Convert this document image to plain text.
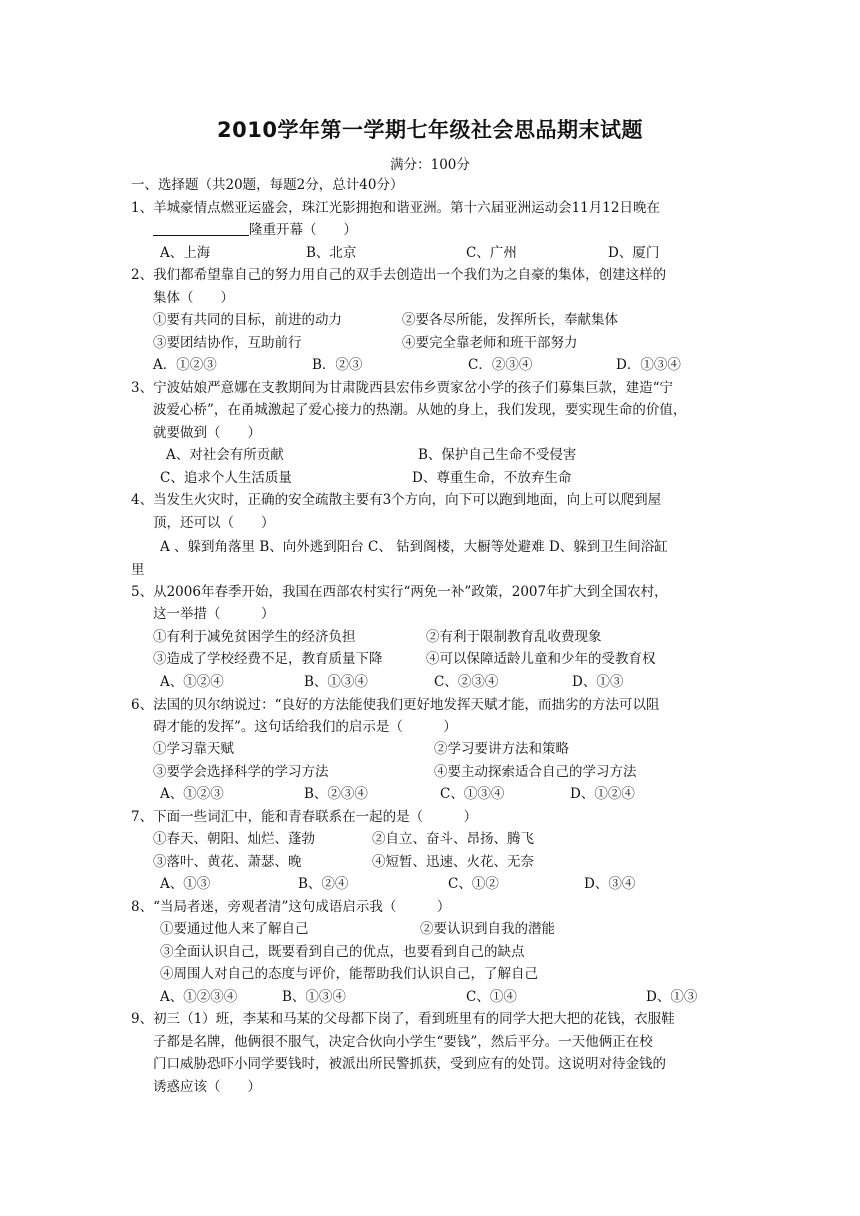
2010学年第一学期七年级社会思品期末试题
满分：100分
一、选择题（共20题，每题2分，总计40分）
1、羊城豪情点燃亚运盛会，珠江光影拥抱和谐亚洲。第十六届亚洲运动会11月12日晚在
隆重开幕（　　）
A、上海	B、北京	C、广州	D、厦门
2、我们都希望靠自己的努力用自己的双手去创造出一个我们为之自豪的集体，创建这样的
集体（　　）
①要有共同的目标，前进的动力	②要各尽所能，发挥所长，奉献集体
③要团结协作，互助前行	④要完全靠老师和班干部努力
A．①②③	B．②③	C．②③④	D．①③④
3、宁波姑娘严意娜在支教期间为甘肃陇西县宏伟乡贾家岔小学的孩子们募集巨款，建造“宁
波爱心桥”，在甬城激起了爱心接力的热潮。从她的身上，我们发现，要实现生命的价值，
就要做到（　　）
A、对社会有所贡献	B、保护自己生命不受侵害
C、追求个人生活质量	D、尊重生命，不放弃生命
4、当发生火灾时，正确的安全疏散主要有3个方向，向下可以跑到地面，向上可以爬到屋
顶，还可以（　　）
A 、躲到角落里 B、向外逃到阳台 C、 钻到阁楼，大橱等处避难 D、躲到卫生间浴缸
里
5、从2006年春季开始，我国在西部农村实行“两免一补”政策，2007年扩大到全国农村，
这一举措（　　　）
①有利于减免贫困学生的经济负担	②有利于限制教育乱收费现象
③造成了学校经费不足，教育质量下降	④可以保障适龄儿童和少年的受教育权
A、①②④	B、①③④	C、②③④	D、①③
6、法国的贝尔纳说过：“良好的方法能使我们更好地发挥天赋才能，而拙劣的方法可以阻
碍才能的发挥”。这句话给我们的启示是（　　　）
①学习靠天赋	②学习要讲方法和策略
③要学会选择科学的学习方法	④要主动探索适合自己的学习方法
A、①②③	B、②③④	C、①③④	D、①②④
7、下面一些词汇中，能和青春联系在一起的是（　　　）
①春天、朝阳、灿烂、蓬勃	②自立、奋斗、昂扬、腾飞
③落叶、黄花、萧瑟、晚	④短暂、迅速、火花、无奈
A、①③	B、②④	C、①②	D、③④
8、“当局者迷，旁观者清”这句成语启示我（　　　）
①要通过他人来了解自己	②要认识到自我的潜能
③全面认识自己，既要看到自己的优点，也要看到自己的缺点
④周围人对自己的态度与评价，能帮助我们认识自己，了解自己
A、①②③④	B、①③④	C、①④	D、①③
9、初三（1）班，李某和马某的父母都下岗了，看到班里有的同学大把大把的花钱，衣服鞋
子都是名牌，他俩很不服气，决定合伙向小学生“要钱”，然后平分。一天他俩正在校
门口威胁恐吓小同学要钱时，被派出所民警抓获，受到应有的处罚。这说明对待金钱的
诱惑应该（　　）
